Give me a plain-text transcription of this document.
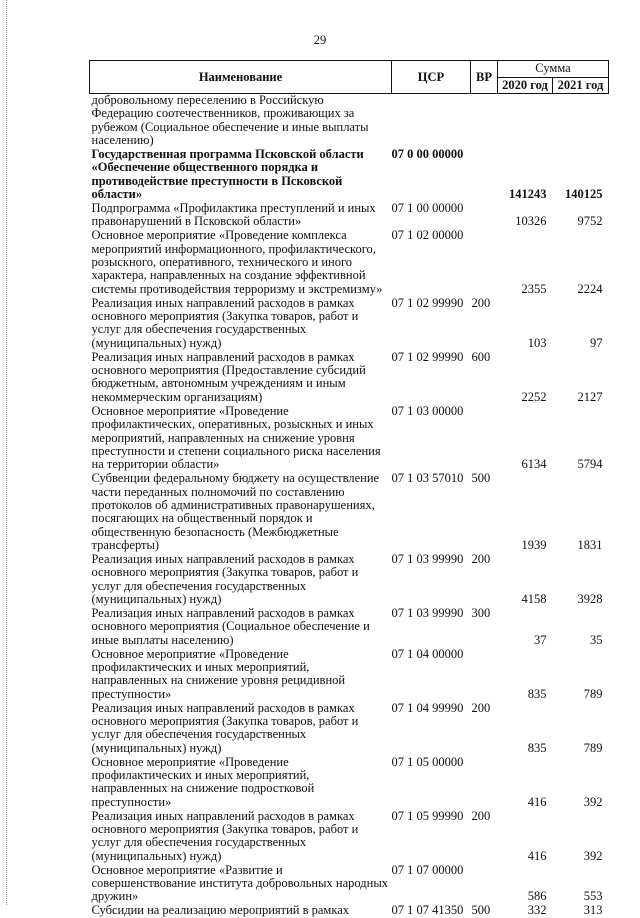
29
Наименование	ЦСР	ВР	Сумма	
			2020 год	2021 год
добровольному переселению в Российскую Федерацию соотечественников, проживающих за рубежом (Социальное обеспечение и иные выплаты населению)				
Государственная программа Псковской области «Обеспечение общественного порядка и противодействие преступности в Псковской области»	07 0 00 00000		141243	140125
Подпрограмма «Профилактика преступлений и иных правонарушений в Псковской области»	07 1 00 00000		10326	9752
Основное мероприятие «Проведение комплекса мероприятий информационного, профилактического, розыскного, оперативного, технического и иного характера, направленных на создание эффективной системы противодействия терроризму и экстремизму»	07 1 02 00000		2355	2224
Реализация иных направлений расходов в рамках основного мероприятия (Закупка товаров, работ и услуг для обеспечения государственных (муниципальных) нужд)	07 1 02 99990	200	103	97
Реализация иных направлений расходов в рамках основного мероприятия (Предоставление субсидий бюджетным, автономным учреждениям и иным некоммерческим организациям)	07 1 02 99990	600	2252	2127
Основное мероприятие «Проведение профилактических, оперативных, розыскных и иных мероприятий, направленных на снижение уровня преступности и степени социального риска населения на территории области»	07 1 03 00000		6134	5794
Субвенции федеральному бюджету на осуществление части переданных полномочий по составлению протоколов об административных правонарушениях, посягающих на общественный порядок и общественную безопасность (Межбюджетные трансферты)	07 1 03 57010	500	1939	1831
Реализация иных направлений расходов в рамках основного мероприятия (Закупка товаров, работ и услуг для обеспечения государственных (муниципальных) нужд)	07 1 03 99990	200	4158	3928
Реализация иных направлений расходов в рамках основного мероприятия (Социальное обеспечение и иные выплаты населению)	07 1 03 99990	300	37	35
Основное мероприятие «Проведение профилактических и иных мероприятий, направленных на снижение уровня рецидивной преступности»	07 1 04 00000		835	789
Реализация иных направлений расходов в рамках основного мероприятия (Закупка товаров, работ и услуг для обеспечения государственных (муниципальных) нужд)	07 1 04 99990	200	835	789
Основное мероприятие «Проведение профилактических и иных мероприятий, направленных на снижение подростковой преступности»	07 1 05 00000		416	392
Реализация иных направлений расходов в рамках основного мероприятия (Закупка товаров, работ и услуг для обеспечения государственных (муниципальных) нужд)	07 1 05 99990	200	416	392
Основное мероприятие «Развитие и совершенствование института добровольных народных дружин»	07 1 07 00000		586	553
Субсидии на реализацию мероприятий в рамках	07 1 07 41350	500	332	313
